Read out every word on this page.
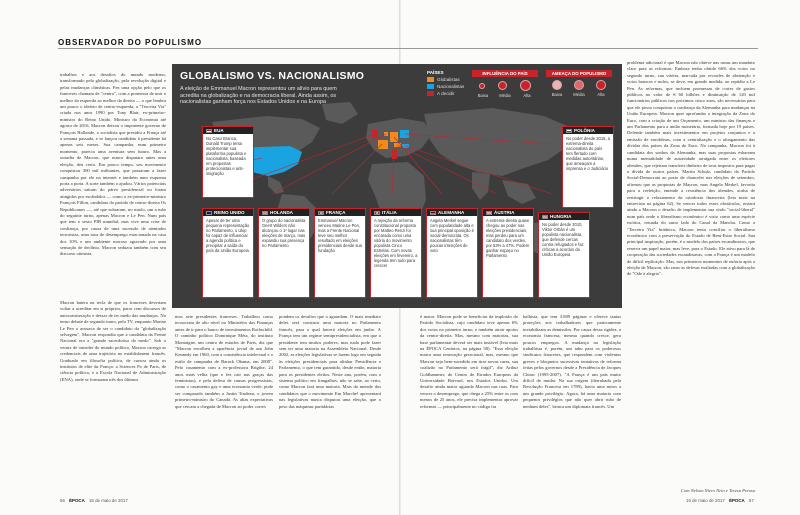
OBSERVADOR DO POPULISMO

trabalhos e aos desafios do mundo moderno, transformado pela globalização, pela revolução digital e pelas mudanças climáticas. Fez uma opção pelo que os franceses chamam de "centro", com a promessa de unir o melhor da esquerda ao melhor da direita — o que lembra um pouco o ideário de centro-esquerda, a "Terceira Via" criada nos anos 1990 por Tony Blair, ex-primeiro-ministro do Reino Unido. Ministro da Economia até agosto de 2016, Macron deixou o imponente governo de François Hollande, o socialista que presidiu a França até a semana passada, e se lançou candidato à presidente há apenas seis meses. Sua campanha, num primeiro momento, parecia uma aventura sem futuro. Mas a ousadia de Macron, que nunca disputara antes uma eleição, deu certo. Em pouco tempo, seu movimento conquistou 300 mil militantes, que passaram a fazer campanha por ele na internet e também num esquema porta a porta. A sorte também o ajudou. Vários potenciais adversários saíram do páreo presidencial ou foram atingidos por escândalos — como o ex-primeiro-ministro François Fillon, candidato do partido de centro-direita Os Republicanos —, até que sobraram, no miolo, um a mão do seguinte turno, apenas Macron e Le Pen. Num país que tem o sexto PIB mundial, mas vive uma crise de confiança, por causa de uma sucessão de atentados terroristas, uma taxa de desemprego estacionada na casa dos 10% e um ambiente moroso agravado por uma sensação de declínio, Macron seduziu também com seu discurso otimista.

Macron batera na tecla de que os franceses deveriam voltar a acreditar em si próprios, parar com discursos de autocomiseração e deixar de ter medo das mudanças. No tenso debate de segundo turno, pela TV, enquanto Marine Le Pen o acusava de ser o candidato da "globalização selvagem", Macron respondia que a candidata da Frente Nacional era a "grande sacerdotisa do medo". Sob o verniz de outsider do mundo político, Macron carrega as credenciais de uma trajetória no establishment francês. Graduado em filosofia política, de cursou ainda os institutos de elite da França: a Sciences Po de Paris, de ciência política, e a Escola Nacional de Administração (ENA), onde se formaram três dos últimos

mos sete presidentes franceses. Trabalhou como tecnocrata de alto nível no Ministério das Finanças antes de ir para o banco de investimentos Rothschild. O caminho político Dominique Méta, do instituto Montaigne, um centro de estudos de Paris, diz que "Macron encolheu a aparência jovial de um John Kennedy em 1960, com a consistência intelectual e o estilo de campanha de Barack Obama, em 2008". Pelo casamento com a ex-professora Brigitte, 24 anos mais velha (que o fez cair nas graças das feministas), e pela defesa de causas progressistas, como o casamento gay e uma economia verde, pode ser comparado também a Justin Trudeau, o jovem primeiro-ministro do Canadá. As altas expectativas que cercam a chegada de Macron ao poder corres

pondem os desafios que o aguardam. O mais imediato deles será construir uma maioria no Parlamento francês, para o qual haverá eleições em junho. A França tem um regime semipresidencialista, em que o presidente tem muitos poderes, mas nada pode fazer sem ter uma maioria na Assembleia Nacional. Desde 2002, as eleições legislativas se fazem logo em seguida às eleições presidenciais para alinhar Presidência e Parlamento, o que tem garantido, desde então, maioria para os presidentes eleitos. Neste ano, porém, com o sistema político em frangalhos, não se sabe, ao certo, como Macron fará uma maioria. Mais da metade dos candidatos que o movimento Em Marche! apresentará nas legislativas nunca disputou uma eleição, que o peso das máquinas partidárias

é maior. Macron pode se beneficiar da implosão do Partido Socialista, cujo candidato teve apenas 6% dos votos no primeiro turno, e também atrair apoios da centro-direita. Mas, mesmo com maiorias, sua base parlamentar deverá ser mais instável (leia mais na ÉPOCA Cenários, na página 58). "Essa eleição marca uma renovação geracional, mas, mesmo que Macron seja bem-sucedido em tirar novas caras, sua coalizão no Parlamento será frágil", diz Arthur Goldhammer, do Centro de Estudos Europeus da Universidade Harvard, nos Estados Unidos. Um desafio ainda maior aguarda Macron nas ruas. Para vencer o desemprego, que chega a 25% entre os com menos de 25 anos, ele precisa implementar aprovar reformas — principalmente no código tra

balhista, que tem 3.809 páginas e oferece tantas proteções aos trabalhadores que praticamente inviabilizam as demissões. Por causa dessa rigidez, a economia francesa, mesmo quando cresce, gera poucos empregos. A mudança na legislação trabalhista é, porém, um tabu para os poderosos sindicatos franceses, que respondem com violentas greves e bloqueios sucessivas tentativas de reforma feitas pelos governos desde a Presidência de Jacques Chirac (1995-2007). "A França é um país muito difícil de mudar. Na sua origem (derrubada pela Revolução Francesa em 1789), havia uma mitos a um grande privilégio. Agora, há uma maioria com pequenos privilégios que não quer abrir mão de nenhum deles", brinca um diplomata francês. Um

problema adicional é que Macron não obteve nas urnas um mandato claro para as reformas. Embora tenha obtido 66% dos votos no segundo turno, sua vitória, marcada por recordes de abstenção e votos brancos e nulos, se deve, em grande medida, ao repúdio a Le Pen. As reformas, que incluem promessas de cortes de gastos públicos no valor de € 60 bilhões e diminuição de 120 mil funcionários públicos nos próximos cinco anos, são necessárias para que ele possa conquistar a confiança da Alemanha para mudanças na União Europeia. Macron quer aprofundar a integração da Zona do Euro, com a criação de um Orçamento, um ministro das finanças e um Parlamento para a união monetária, formada hoje por 19 países. Defende também mais investimentos em projetos conjuntos e a emissão de eurobônus, com a centralização e o alongamento das dívidas dos países da Zona do Euro. Na campanha, Macron foi à candidata dos sonhos da Alemanha, mas suas propostas esbarram numa mentalidade de austeridade arraigada entre os eleitores alemães, que rejeitam transferir dinheiro de seus impostos para pagar a dívida de outros países. Martin Schulz, candidato do Partido Social-Democrata ao posto de chanceler nas eleições de setembro, afirmou que as propostas de Macron, mas Angela Merkel, favorita para a reeleição, entende a resistência dos alemães, acaba de restringir o relaxamento da ortodoxia financeira (leia mais na entrevista na página 62). Se vencer todos esses obstáculos, restará ainda a Macron o desafio de implementar sua visão "social-liberal" num país onde o liberalismo econômico é visto como uma espécie exótica, oriunda do outro lado do Canal da Mancha. Como a "Terceira Via" britânica, Macron tenta conciliar o liberalismo econômico com a preservação do Estado de Bem-Estar Social. Sua principal inspiração, porém, é o modelo dos países escandinavos, que reserva um papel maior, mas leve, para o Estado. Ele ativo para lá de cooperação das sociedades escandinavas, com a França é um modelo de difícil replicação. Mas, nos primeiros momentos de euforia após a eleição de Macron, são raras as defesas exaltadas com a globalização de "Ode à alegria".

Com Nelson Niero Neto e Teresa Perosa
GLOBALISMO VS. NACIONALISMO
A eleição de Emmanuel Macron representou um alívio para quem acredita na globalização e na democracia liberal. Ainda assim, os nacionalistas ganham força nos Estados Unidos e na Europa
PAÍSES
Globalistas
Nacionalistas
A decidir
INFLUÊNCIA DO PAÍS
Baixa	Média	Alta
AMEAÇA DO POPULISMO
Baixa	Média	Alta
EUA
No Caso Branca, Donald Trump tenta implementar sua plataforma populista e nacionalista, baseada em propostas protecionistas e anti-imigração
POLÔNIA
No poder desde 2015, a extrema-direita nacionalista do país tem flertado com medidas autoritárias, que ameaçam a imprensa e o Judiciário
REINO UNIDO
Apesar de ter uma pequena representação no Parlamento, o Ukip foi capaz de influenciar a agenda política e precipitar a saída do país da União Europeia
HOLANDA
O grupo do nacionalista Geert Wilders não alcançou o 1º lugar nas eleições de março, mas expandiu sua presença no Parlamento
FRANÇA
Emmanuel Macron venceu Marine Le Pen, mas a Frente Nacional teve seu melhor resultado em eleições presidenciais desde sua fundação
ITÁLIA
A rejeição da reforma constitucional proposta por Matteo Renzi foi encarada como uma vitória do movimento populista Cinco Estrelas. Com novas eleições em fevereiro, a legenda tem tudo para crescer
ALEMANHA
Angela Merkel segue com popularidade alta e sua principal oposição é social-democrata. Os nacionalistas têm poucas intenções de voto
ÁUSTRIA
A extrema-direita quase chegou ao poder nas eleições presidenciais, mas perdeu para um candidato dos verdes, por 53% a 47%. Podem ganhar espaço no Parlamento
HUNGRIA
No poder desde 2010, Viktor Orbán é um populista nacionalista, que defende cercas contra refugiados e faz críticas a acordos da União Europeia
56 ÉPOCA 15 de maio de 2017	15 de maio de 2017 ÉPOCA 57
